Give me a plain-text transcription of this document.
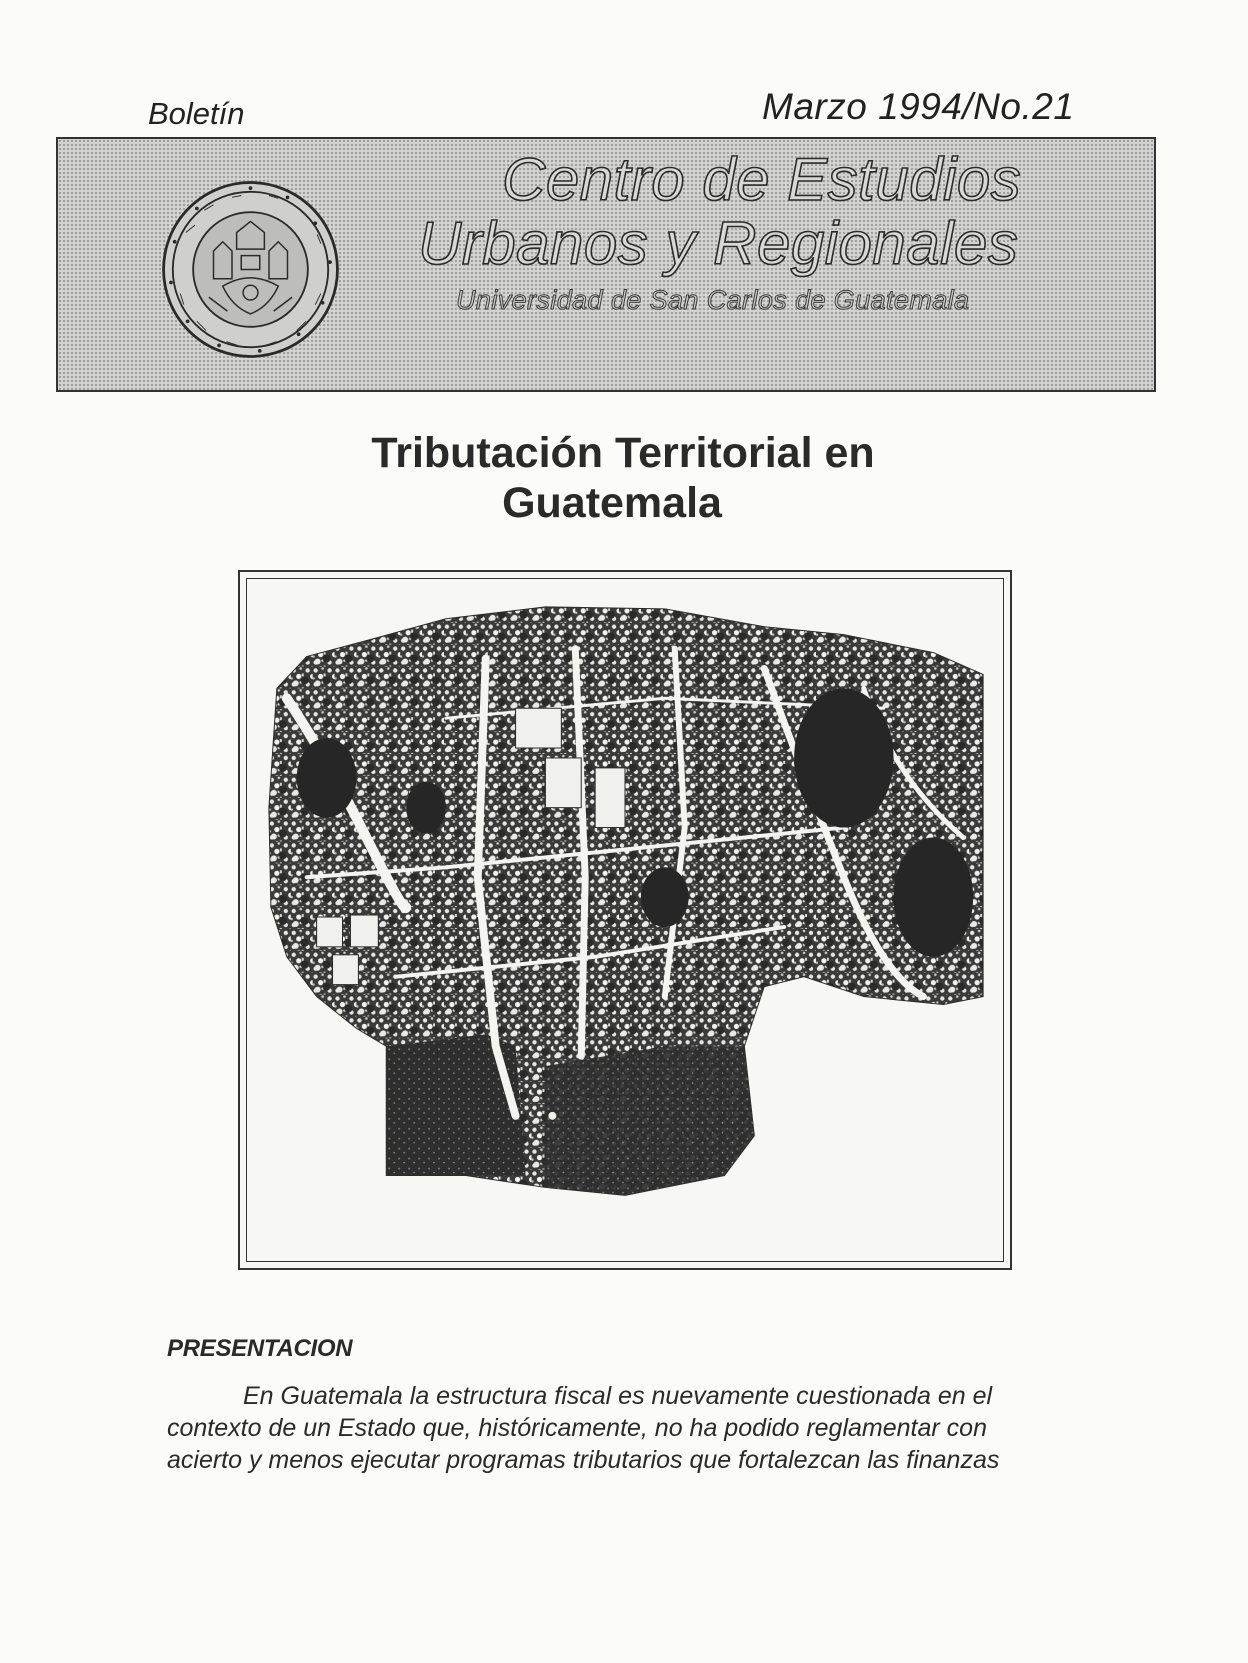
Boletín	Marzo 1994/No.21
Centro de Estudios
Urbanos y Regionales
Universidad de San Carlos de Guatemala
Tributación Territorial en
Guatemala
PRESENTACION
En Guatemala la estructura fiscal es nuevamente cuestionada en el
contexto de un Estado que, históricamente, no ha podido reglamentar con
acierto y menos ejecutar programas tributarios que fortalezcan las finanzas
